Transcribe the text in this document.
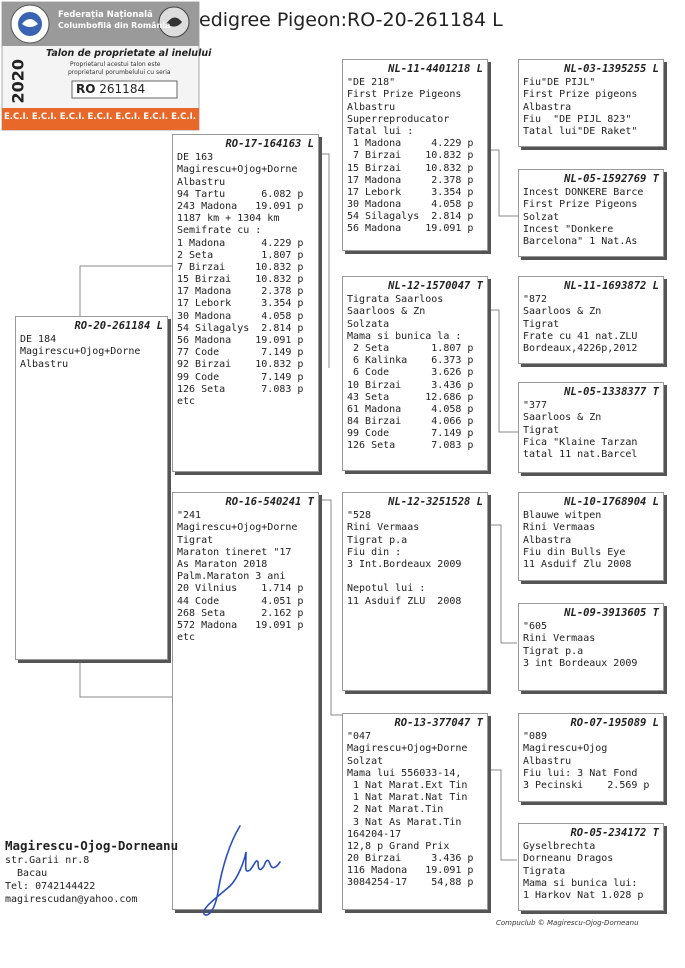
Federația Națională
Columbofilă din România
Talon de proprietate al inelului
Proprietarul acestui talon este
proprietarul porumbelului cu seria
2020	RO 261184
E.C.I. E.C.I. E.C.I. E.C.I. E.C.I. E.C.I. E.C.I. E.C.I. E.C
edigree Pigeon:RO-20-261184 L
RO-20-261184 L
DE 184
Magirescu+Ojog+Dorne
Albastru
RO-17-164163 L
DE 163
Magirescu+Ojog+Dorne
Albastru
94 Tartu      6.082 p
243 Madona   19.091 p
1187 km + 1304 km
Semifrate cu :
1 Madona      4.229 p
2 Seta        1.807 p
7 Birzai     10.832 p
15 Birzai    10.832 p
17 Madona     2.378 p
17 Lebork     3.354 p
30 Madona     4.058 p
54 Silagalys  2.814 p
56 Madona    19.091 p
77 Code       7.149 p
92 Birzai    10.832 p
99 Code       7.149 p
126 Seta      7.083 p
etc
RO-16-540241 T
"241
Magirescu+Ojog+Dorne
Tigrat
Maraton tineret "17
As Maraton 2018
Palm.Maraton 3 ani
20 Vilnius    1.714 p
44 Code       4.051 p
268 Seta      2.162 p
572 Madona   19.091 p
etc
NL-11-4401218 L
"DE 218"
First Prize Pigeons
Albastru
Superreproducator
Tatal lui :
1 Madona     4.229 p
7 Birzai    10.832 p
15 Birzai    10.832 p
17 Madona     2.378 p
17 Lebork     3.354 p
30 Madona     4.058 p
54 Silagalys  2.814 p
56 Madona    19.091 p
NL-12-1570047 T
Tigrata Saarloos
Saarloos & Zn
Solzata
Mama si bunica la :
2 Seta       1.807 p
6 Kalinka    6.373 p
6 Code       3.626 p
10 Birzai     3.436 p
43 Seta      12.686 p
61 Madona     4.058 p
84 Birzai     4.066 p
99 Code       7.149 p
126 Seta      7.083 p
NL-12-3251528 L
"528
Rini Vermaas
Tigrat p.a
Fiu din :
3 Int.Bordeaux 2009
Nepotul lui :
11 Asduif ZLU  2008
RO-13-377047 T
"047
Magirescu+Ojog+Dorne
Solzat
Mama lui 556033-14,
1 Nat Marat.Ext Tin
1 Nat Marat.Nat Tin
2 Nat Marat.Tin
3 Nat As Marat.Tin
164204-17
12,8 p Grand Prix
20 Birzai     3.436 p
116 Madona   19.091 p
3084254-17    54,88 p
NL-03-1395255 L
Fiu"DE PIJL"
First Prize pigeons
Albastra
Fiu  "DE PIJL 823"
Tatal lui"DE Raket"
NL-05-1592769 T
Incest DONKERE Barce
First Prize Pigeons
Solzat
Incest "Donkere
Barcelona" 1 Nat.As
NL-11-1693872 L
"872
Saarloos & Zn
Tigrat
Frate cu 41 nat.ZLU
Bordeaux,4226p,2012
NL-05-1338377 T
"377
Saarloos & Zn
Tigrat
Fica "Klaine Tarzan
tatal 11 nat.Barcel
NL-10-1768904 L
Blauwe witpen
Rini Vermaas
Albastra
Fiu din Bulls Eye
11 Asduif Zlu 2008
NL-09-3913605 T
"605
Rini Vermaas
Tigrat p.a
3 int Bordeaux 2009
RO-07-195089 L
"089
Magirescu+Ojog
Albastru
Fiu lui: 3 Nat Fond
3 Pecinski    2.569 p
RO-05-234172 T
Gyselbrechta
Dorneanu Dragos
Tigrata
Mama si bunica lui:
1 Harkov Nat 1.028 p
Magirescu-Ojog-Dorneanu
str.Garii nr.8
Bacau
Tel: 0742144422
magirescudan@yahoo.com
Compuclub © Magirescu-Ojog-Dorneanu
